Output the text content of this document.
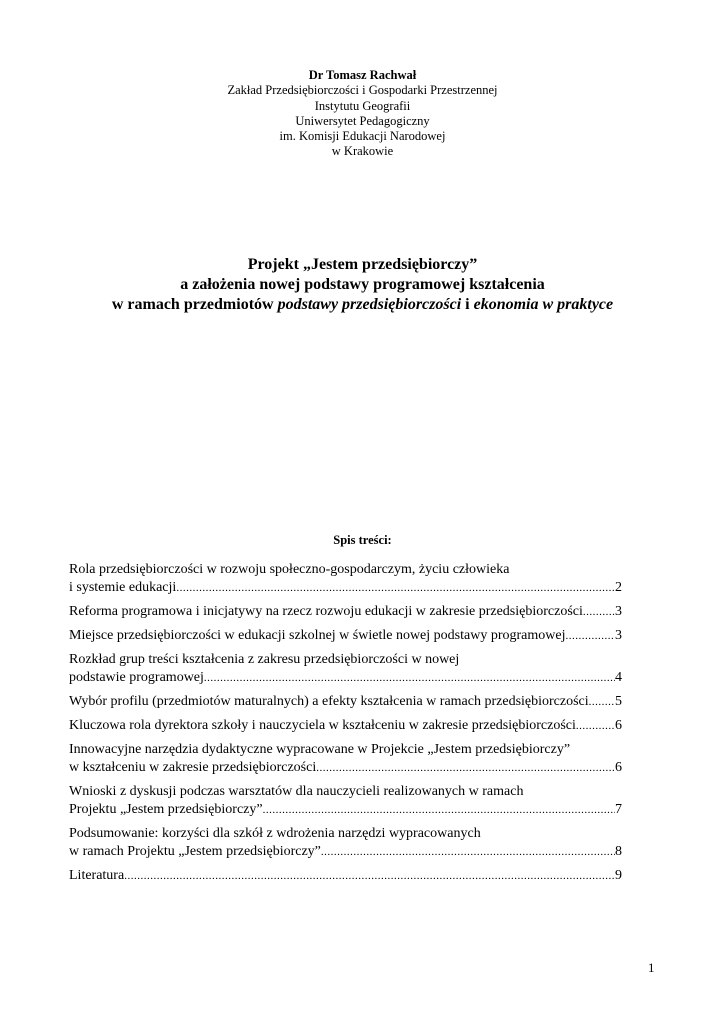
Dr Tomasz Rachwał
Zakład Przedsiębiorczości i Gospodarki Przestrzennej
Instytutu Geografii
Uniwersytet Pedagogiczny
im. Komisji Edukacji Narodowej
w Krakowie
Projekt „Jestem przedsiębiorczy”
a założenia nowej podstawy programowej kształcenia
w ramach przedmiotów podstawy przedsiębiorczości i ekonomia w praktyce
Spis treści:
Rola przedsiębiorczości w rozwoju społeczno-gospodarczym, życiu człowieka
i systemie edukacji .....	2
Reforma programowa i inicjatywy na rzecz rozwoju edukacji w zakresie przedsiębiorczości ..... 3
Miejsce przedsiębiorczości w edukacji szkolnej w świetle nowej podstawy programowej .....	3
Rozkład grup treści kształcenia z zakresu przedsiębiorczości w nowej
podstawie programowej .....	4
Wybór profilu (przedmiotów maturalnych) a efekty kształcenia w ramach przedsiębiorczości ..... 5
Kluczowa rola dyrektora szkoły i nauczyciela w kształceniu w zakresie przedsiębiorczości .....	6
Innowacyjne narzędzia dydaktyczne wypracowane w Projekcie „Jestem przedsiębiorczy”
w kształceniu w zakresie przedsiębiorczości .....	6
Wnioski z dyskusji podczas warsztatów dla nauczycieli realizowanych w ramach
Projektu „Jestem przedsiębiorczy” .....	7
Podsumowanie: korzyści dla szkół z wdrożenia narzędzi wypracowanych
w ramach Projektu „Jestem przedsiębiorczy” .....	8
Literatura .....	9
1
